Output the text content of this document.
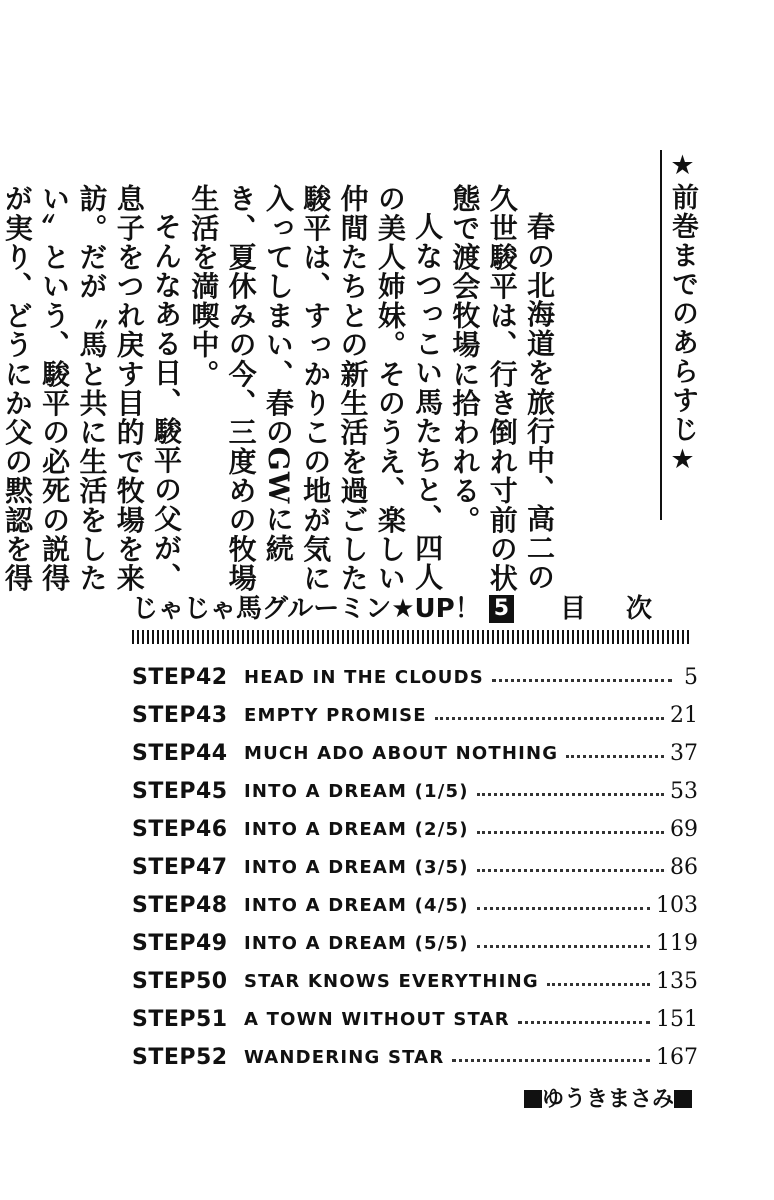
春の北海道を旅行中、高二の久世駿平は、行き倒れ寸前の状態で渡会牧場に拾われる。

人なつっこい馬たちと、四人の美人姉妹。そのうえ、楽しい仲間たちとの新生活を過ごした駿平は、すっかりこの地が気に入ってしまい、春のGWに続き、夏休みの今、三度めの牧場生活を満喫中。

そんなある日、駿平の父が、息子をつれ戻す目的で牧場を来訪。だが〝馬と共に生活をしたい〟という、駿平の必死の説得が実り、どうにか父の黙認を得

★前巻までのあらすじ★
じゃじゃ馬グルーミン★UP！ 5 目次
STEP42 HEAD IN THE CLOUDS	5
STEP43 EMPTY PROMISE	21
STEP44 MUCH ADO ABOUT NOTHING	37
STEP45 INTO A DREAM (1/5)	53
STEP46 INTO A DREAM (2/5)	69
STEP47 INTO A DREAM (3/5)	86
STEP48 INTO A DREAM (4/5)	103
STEP49 INTO A DREAM (5/5)	119
STEP50 STAR KNOWS EVERYTHING	135
STEP51 A TOWN WITHOUT STAR	151
STEP52 WANDERING STAR	167
ゆうきまさみ
